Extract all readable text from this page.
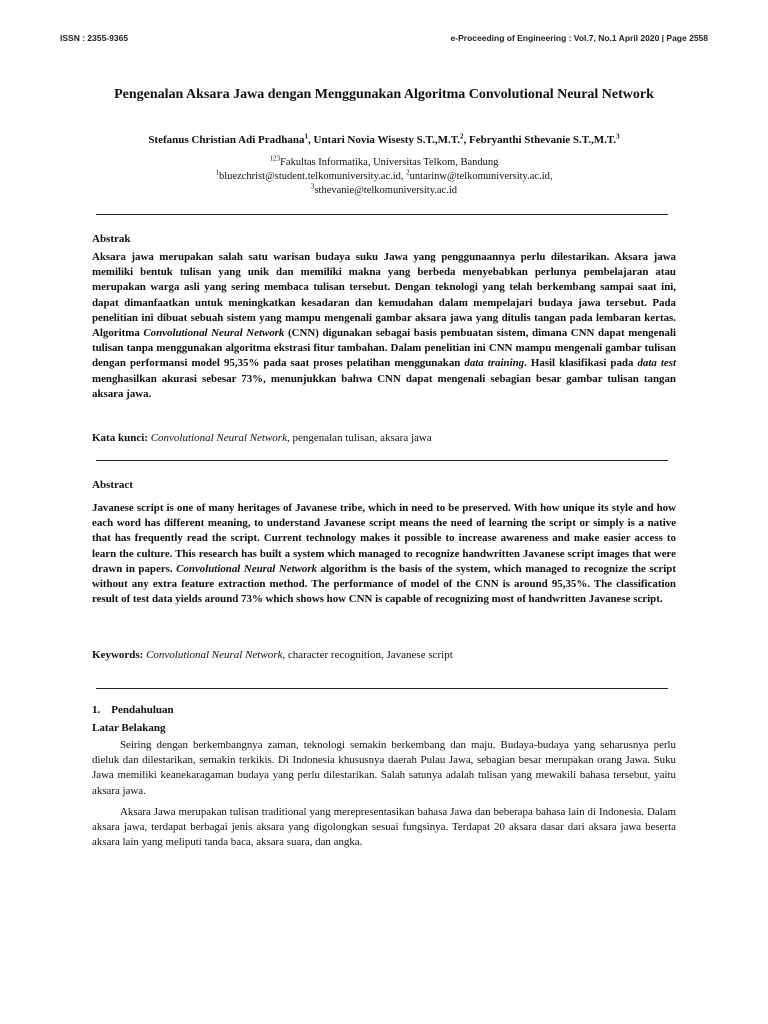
ISSN : 2355-9365	e-Proceeding of Engineering : Vol.7, No.1 April 2020 | Page 2558
Pengenalan Aksara Jawa dengan Menggunakan Algoritma Convolutional Neural Network
Stefanus Christian Adi Pradhana$^1$, Untari Novia Wisesty S.T.,M.T.$^2$, Febryanthi Sthevanie S.T.,M.T.$^3$
$^{123}$Fakultas Informatika, Universitas Telkom, Bandung
$^1$bluezchrist@student.telkomuniversity.ac.id, $^2$untarinw@telkomuniversity.ac.id,
$^3$sthevanie@telkomuniversity.ac.id
Abstrak
Aksara jawa merupakan salah satu warisan budaya suku Jawa yang penggunaannya perlu dilestarikan. Aksara jawa memiliki bentuk tulisan yang unik dan memiliki makna yang berbeda menyebabkan perlunya pembelajaran atau merupakan warga asli yang sering membaca tulisan tersebut. Dengan teknologi yang telah berkembang sampai saat ini, dapat dimanfaatkan untuk meningkatkan kesadaran dan kemudahan dalam mempelajari budaya jawa tersebut. Pada penelitian ini dibuat sebuah sistem yang mampu mengenali gambar aksara jawa yang ditulis tangan pada lembaran kertas. Algoritma Convolutional Neural Network (CNN) digunakan sebagai basis pembuatan sistem, dimana CNN dapat mengenali tulisan tanpa menggunakan algoritma ekstrasi fitur tambahan. Dalam penelitian ini CNN mampu mengenali gambar tulisan dengan performansi model 95,35% pada saat proses pelatihan menggunakan data training. Hasil klasifikasi pada data test menghasilkan akurasi sebesar 73%, menunjukkan bahwa CNN dapat mengenali sebagian besar gambar tulisan tangan aksara jawa.
Kata kunci: Convolutional Neural Network, pengenalan tulisan, aksara jawa
Abstract
Javanese script is one of many heritages of Javanese tribe, which in need to be preserved. With how unique its style and how each word has different meaning, to understand Javanese script means the need of learning the script or simply is a native that has frequently read the script. Current technology makes it possible to increase awareness and make easier access to learn the culture. This research has built a system which managed to recognize handwritten Javanese script images that were drawn in papers. Convolutional Neural Network algorithm is the basis of the system, which managed to recognize the script without any extra feature extraction method. The performance of model of the CNN is around 95,35%. The classification result of test data yields around 73% which shows how CNN is capable of recognizing most of handwritten Javanese script.
Keywords: Convolutional Neural Network, character recognition, Javanese script
1.    Pendahuluan
Latar Belakang
Seiring dengan berkembangnya zaman, teknologi semakin berkembang dan maju. Budaya-budaya yang seharusnya perlu dieluk dan dilestarikan, semakin terkikis. Di Indonesia khususnya daerah Pulau Jawa, sebagian besar merupakan orang Jawa. Suku Jawa memiliki keanekaragaman budaya yang perlu dilestarikan. Salah satunya adalah tulisan yang mewakili bahasa tersebut, yaitu aksara jawa.
Aksara Jawa merupakan tulisan traditional yang merepresentasikan bahasa Jawa dan beberapa bahasa lain di Indonesia. Dalam aksara jawa, terdapat berbagai jenis aksara yang digolongkan sesuai fungsinya. Terdapat 20 aksara dasar dari aksara jawa beserta aksara lain yang meliputi tanda baca, aksara suara, dan angka.
